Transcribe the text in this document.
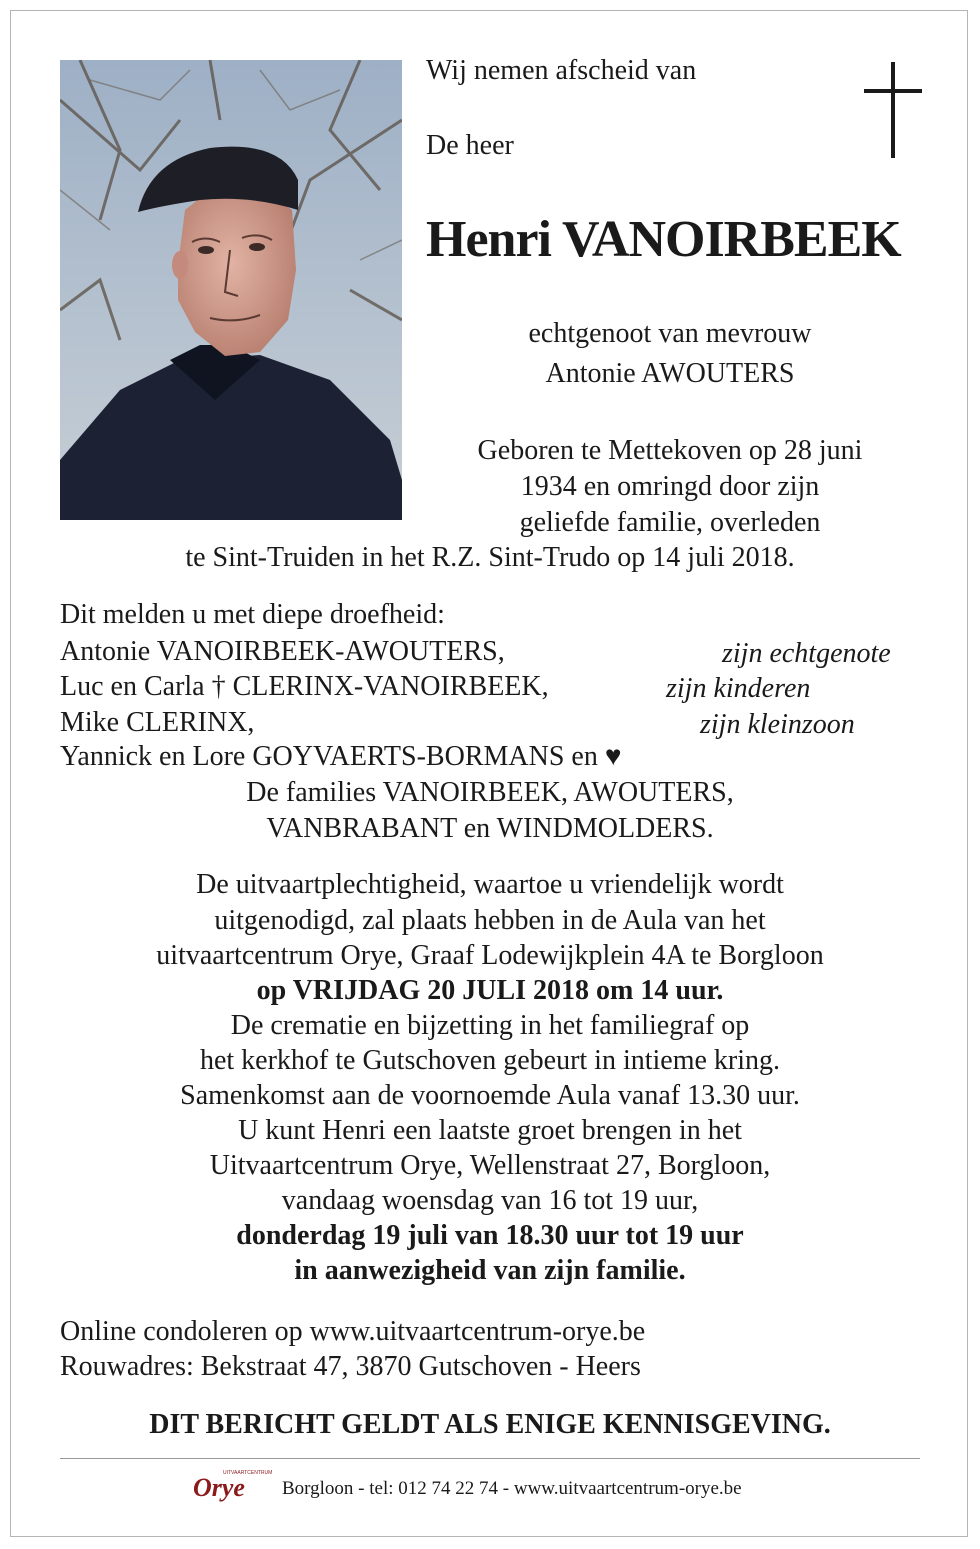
Wij nemen afscheid van
De heer
Henri VANOIRBEEK
echtgenoot van mevrouw
Antonie AWOUTERS
Geboren te Mettekoven op 28 juni
1934 en omringd door zijn
geliefde familie, overleden
te Sint-Truiden in het R.Z. Sint-Trudo op 14 juli 2018.
Dit melden u met diepe droefheid:
Antonie VANOIRBEEK-AWOUTERS,	zijn echtgenote
Luc en Carla † CLERINX-VANOIRBEEK,	zijn kinderen
Mike CLERINX,	zijn kleinzoon
Yannick en Lore GOYVAERTS-BORMANS en ♥
De families VANOIRBEEK, AWOUTERS,
VANBRABANT en WINDMOLDERS.
De uitvaartplechtigheid, waartoe u vriendelijk wordt
uitgenodigd, zal plaats hebben in de Aula van het
uitvaartcentrum Orye, Graaf Lodewijkplein 4A te Borgloon
op VRIJDAG 20 JULI 2018 om 14 uur.
De crematie en bijzetting in het familiegraf op
het kerkhof te Gutschoven gebeurt in intieme kring.
Samenkomst aan de voornoemde Aula vanaf 13.30 uur.
U kunt Henri een laatste groet brengen in het
Uitvaartcentrum Orye, Wellenstraat 27, Borgloon,
vandaag woensdag van 16 tot 19 uur,
donderdag 19 juli van 18.30 uur tot 19 uur
in aanwezigheid van zijn familie.
Online condoleren op www.uitvaartcentrum-orye.be
Rouwadres: Bekstraat 47, 3870 Gutschoven - Heers
DIT BERICHT GELDT ALS ENIGE KENNISGEVING.
UITVAARTCENTRUM
Orye Borgloon - tel: 012 74 22 74 - www.uitvaartcentrum-orye.be
